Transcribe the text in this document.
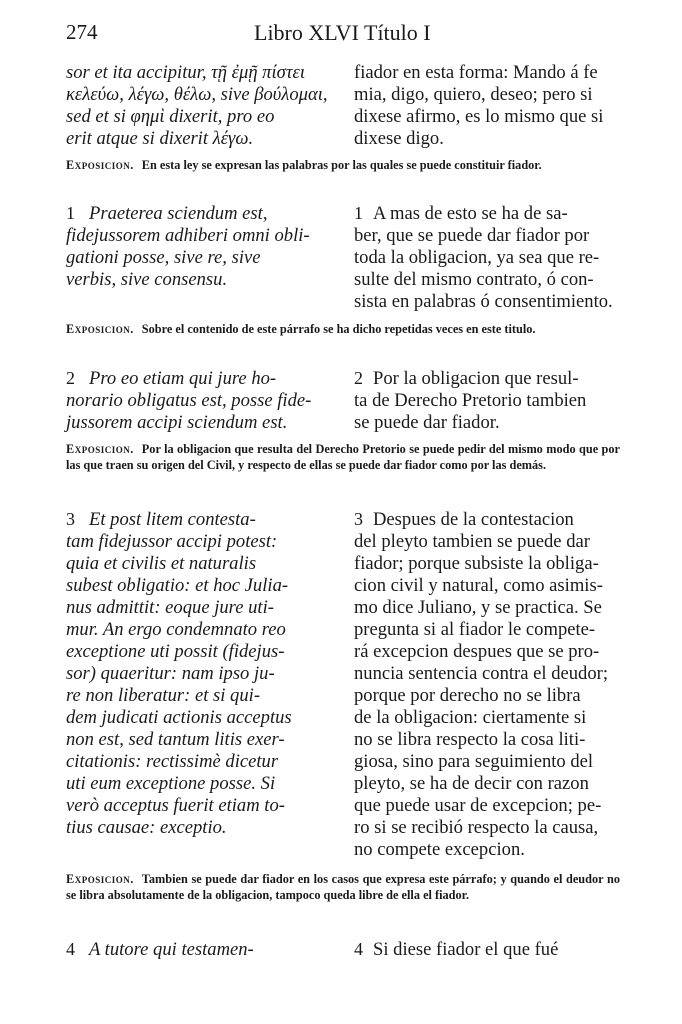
274	Libro XLVI Título I
sor et ita accipitur, τῇ ἐμῇ πίστει
κελεύω, λέγω, θέλω, sive βούλομαι,
sed et si φημὶ dixerit, pro eo
erit atque si dixerit λέγω.
fiador en esta forma: Mando á fe
mia, digo, quiero, deseo; pero si
dixese afirmo, es lo mismo que si
dixese digo.
Exposicion. En esta ley se expresan las palabras por las quales se puede constituir fiador.
1 Praeterea sciendum est,
fidejussorem adhiberi omni obli-
gationi posse, sive re, sive
verbis, sive consensu.
1 A mas de esto se ha de sa-
ber, que se puede dar fiador por
toda la obligacion, ya sea que re-
sulte del mismo contrato, ó con-
sista en palabras ó consentimiento.
Exposicion. Sobre el contenido de este párrafo se ha dicho repetidas veces en este titulo.
2 Pro eo etiam qui jure ho-
norario obligatus est, posse fide-
jussorem accipi sciendum est.
2 Por la obligacion que resul-
ta de Derecho Pretorio tambien
se puede dar fiador.
Exposicion. Por la obligacion que resulta del Derecho Pretorio se puede pedir del mismo modo que por las que traen su origen del Civil, y respecto de ellas se puede dar fiador como por las demás.
3 Et post litem contesta-
tam fidejussor accipi potest:
quia et civilis et naturalis
subest obligatio: et hoc Julia-
nus admittit: eoque jure uti-
mur. An ergo condemnato reo
exceptione uti possit (fidejus-
sor) quaeritur: nam ipso ju-
re non liberatur: et si qui-
dem judicati actionis acceptus
non est, sed tantum litis exer-
citationis: rectissimè dicetur
uti eum exceptione posse. Si
verò acceptus fuerit etiam to-
tius causae: exceptio.
3 Despues de la contestacion
del pleyto tambien se puede dar
fiador; porque subsiste la obliga-
cion civil y natural, como asimis-
mo dice Juliano, y se practica. Se
pregunta si al fiador le compete-
rá excepcion despues que se pro-
nuncia sentencia contra el deudor;
porque por derecho no se libra
de la obligacion: ciertamente si
no se libra respecto la cosa liti-
giosa, sino para seguimiento del
pleyto, se ha de decir con razon
que puede usar de excepcion; pe-
ro si se recibió respecto la causa,
no compete excepcion.
Exposicion. Tambien se puede dar fiador en los casos que expresa este párrafo; y quando el deudor no se libra absolutamente de la obligacion, tampoco queda libre de ella el fiador.
4 A tutore qui testamen-	4 Si diese fiador el que fué
